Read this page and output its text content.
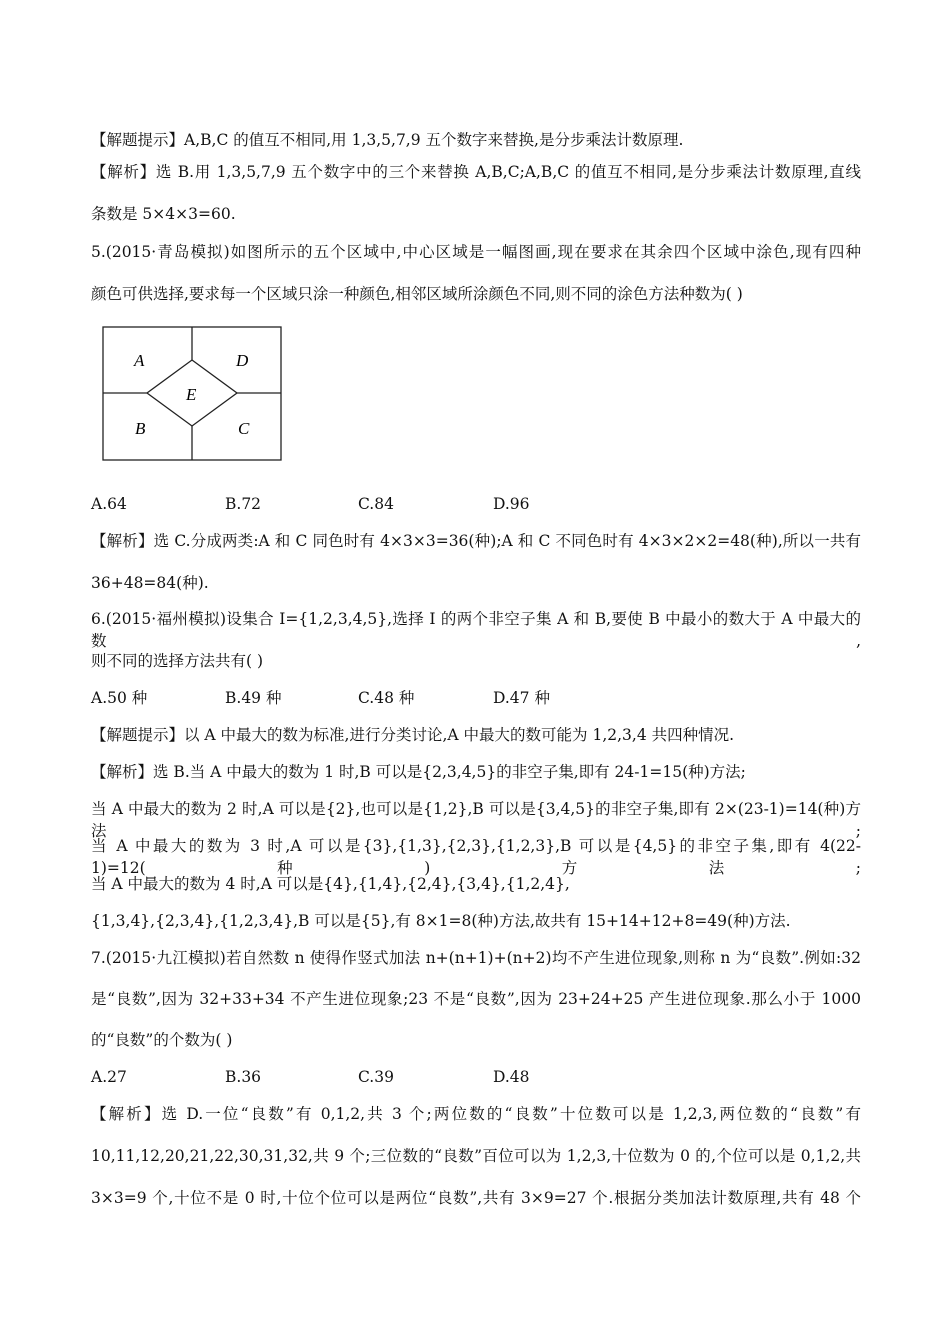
【解题提示】A,B,C 的值互不相同,用 1,3,5,7,9 五个数字来替换,是分步乘法计数原理.
【解析】选 B.用 1,3,5,7,9 五个数字中的三个来替换 A,B,C;A,B,C 的值互不相同,是分步乘法计数原理,直线
条数是 5×4×3=60.
5.(2015·青岛模拟)如图所示的五个区域中,中心区域是一幅图画,现在要求在其余四个区域中涂色,现有四种
颜色可供选择,要求每一个区域只涂一种颜色,相邻区域所涂颜色不同,则不同的涂色方法种数为( )
A	D
E
B	C
A.64	B.72	C.84	D.96
【解析】选 C.分成两类:A 和 C 同色时有 4×3×3=36(种);A 和 C 不同色时有 4×3×2×2=48(种),所以一共有
36+48=84(种).
6.(2015·福州模拟)设集合 I={1,2,3,4,5},选择 I 的两个非空子集 A 和 B,要使 B 中最小的数大于 A 中最大的数,
则不同的选择方法共有( )
A.50 种	B.49 种	C.48 种	D.47 种
【解题提示】以 A 中最大的数为标准,进行分类讨论,A 中最大的数可能为 1,2,3,4 共四种情况.
【解析】选 B.当 A 中最大的数为 1 时,B 可以是{2,3,4,5}的非空子集,即有 24-1=15(种)方法;
当 A 中最大的数为 2 时,A 可以是{2},也可以是{1,2},B 可以是{3,4,5}的非空子集,即有 2×(23-1)=14(种)方法;
当 A 中最大的数为 3 时,A 可以是{3},{1,3},{2,3},{1,2,3},B 可以是{4,5}的非空子集,即有 4(22-1)=12(种)方法;
当 A 中最大的数为 4 时,A 可以是{4},{1,4},{2,4},{3,4},{1,2,4},
{1,3,4},{2,3,4},{1,2,3,4},B 可以是{5},有 8×1=8(种)方法,故共有 15+14+12+8=49(种)方法.
7.(2015·九江模拟)若自然数 n 使得作竖式加法 n+(n+1)+(n+2)均不产生进位现象,则称 n 为“良数”.例如:32
是“良数”,因为 32+33+34 不产生进位现象;23 不是“良数”,因为 23+24+25 产生进位现象.那么小于 1000
的“良数”的个数为( )
A.27	B.36	C.39	D.48
【解析】选 D.一位“良数”有 0,1,2,共 3 个;两位数的“良数”十位数可以是 1,2,3,两位数的“良数”有
10,11,12,20,21,22,30,31,32,共 9 个;三位数的“良数”百位可以为 1,2,3,十位数为 0 的,个位可以是 0,1,2,共
3×3=9 个,十位不是 0 时,十位个位可以是两位“良数”,共有 3×9=27 个.根据分类加法计数原理,共有 48 个
